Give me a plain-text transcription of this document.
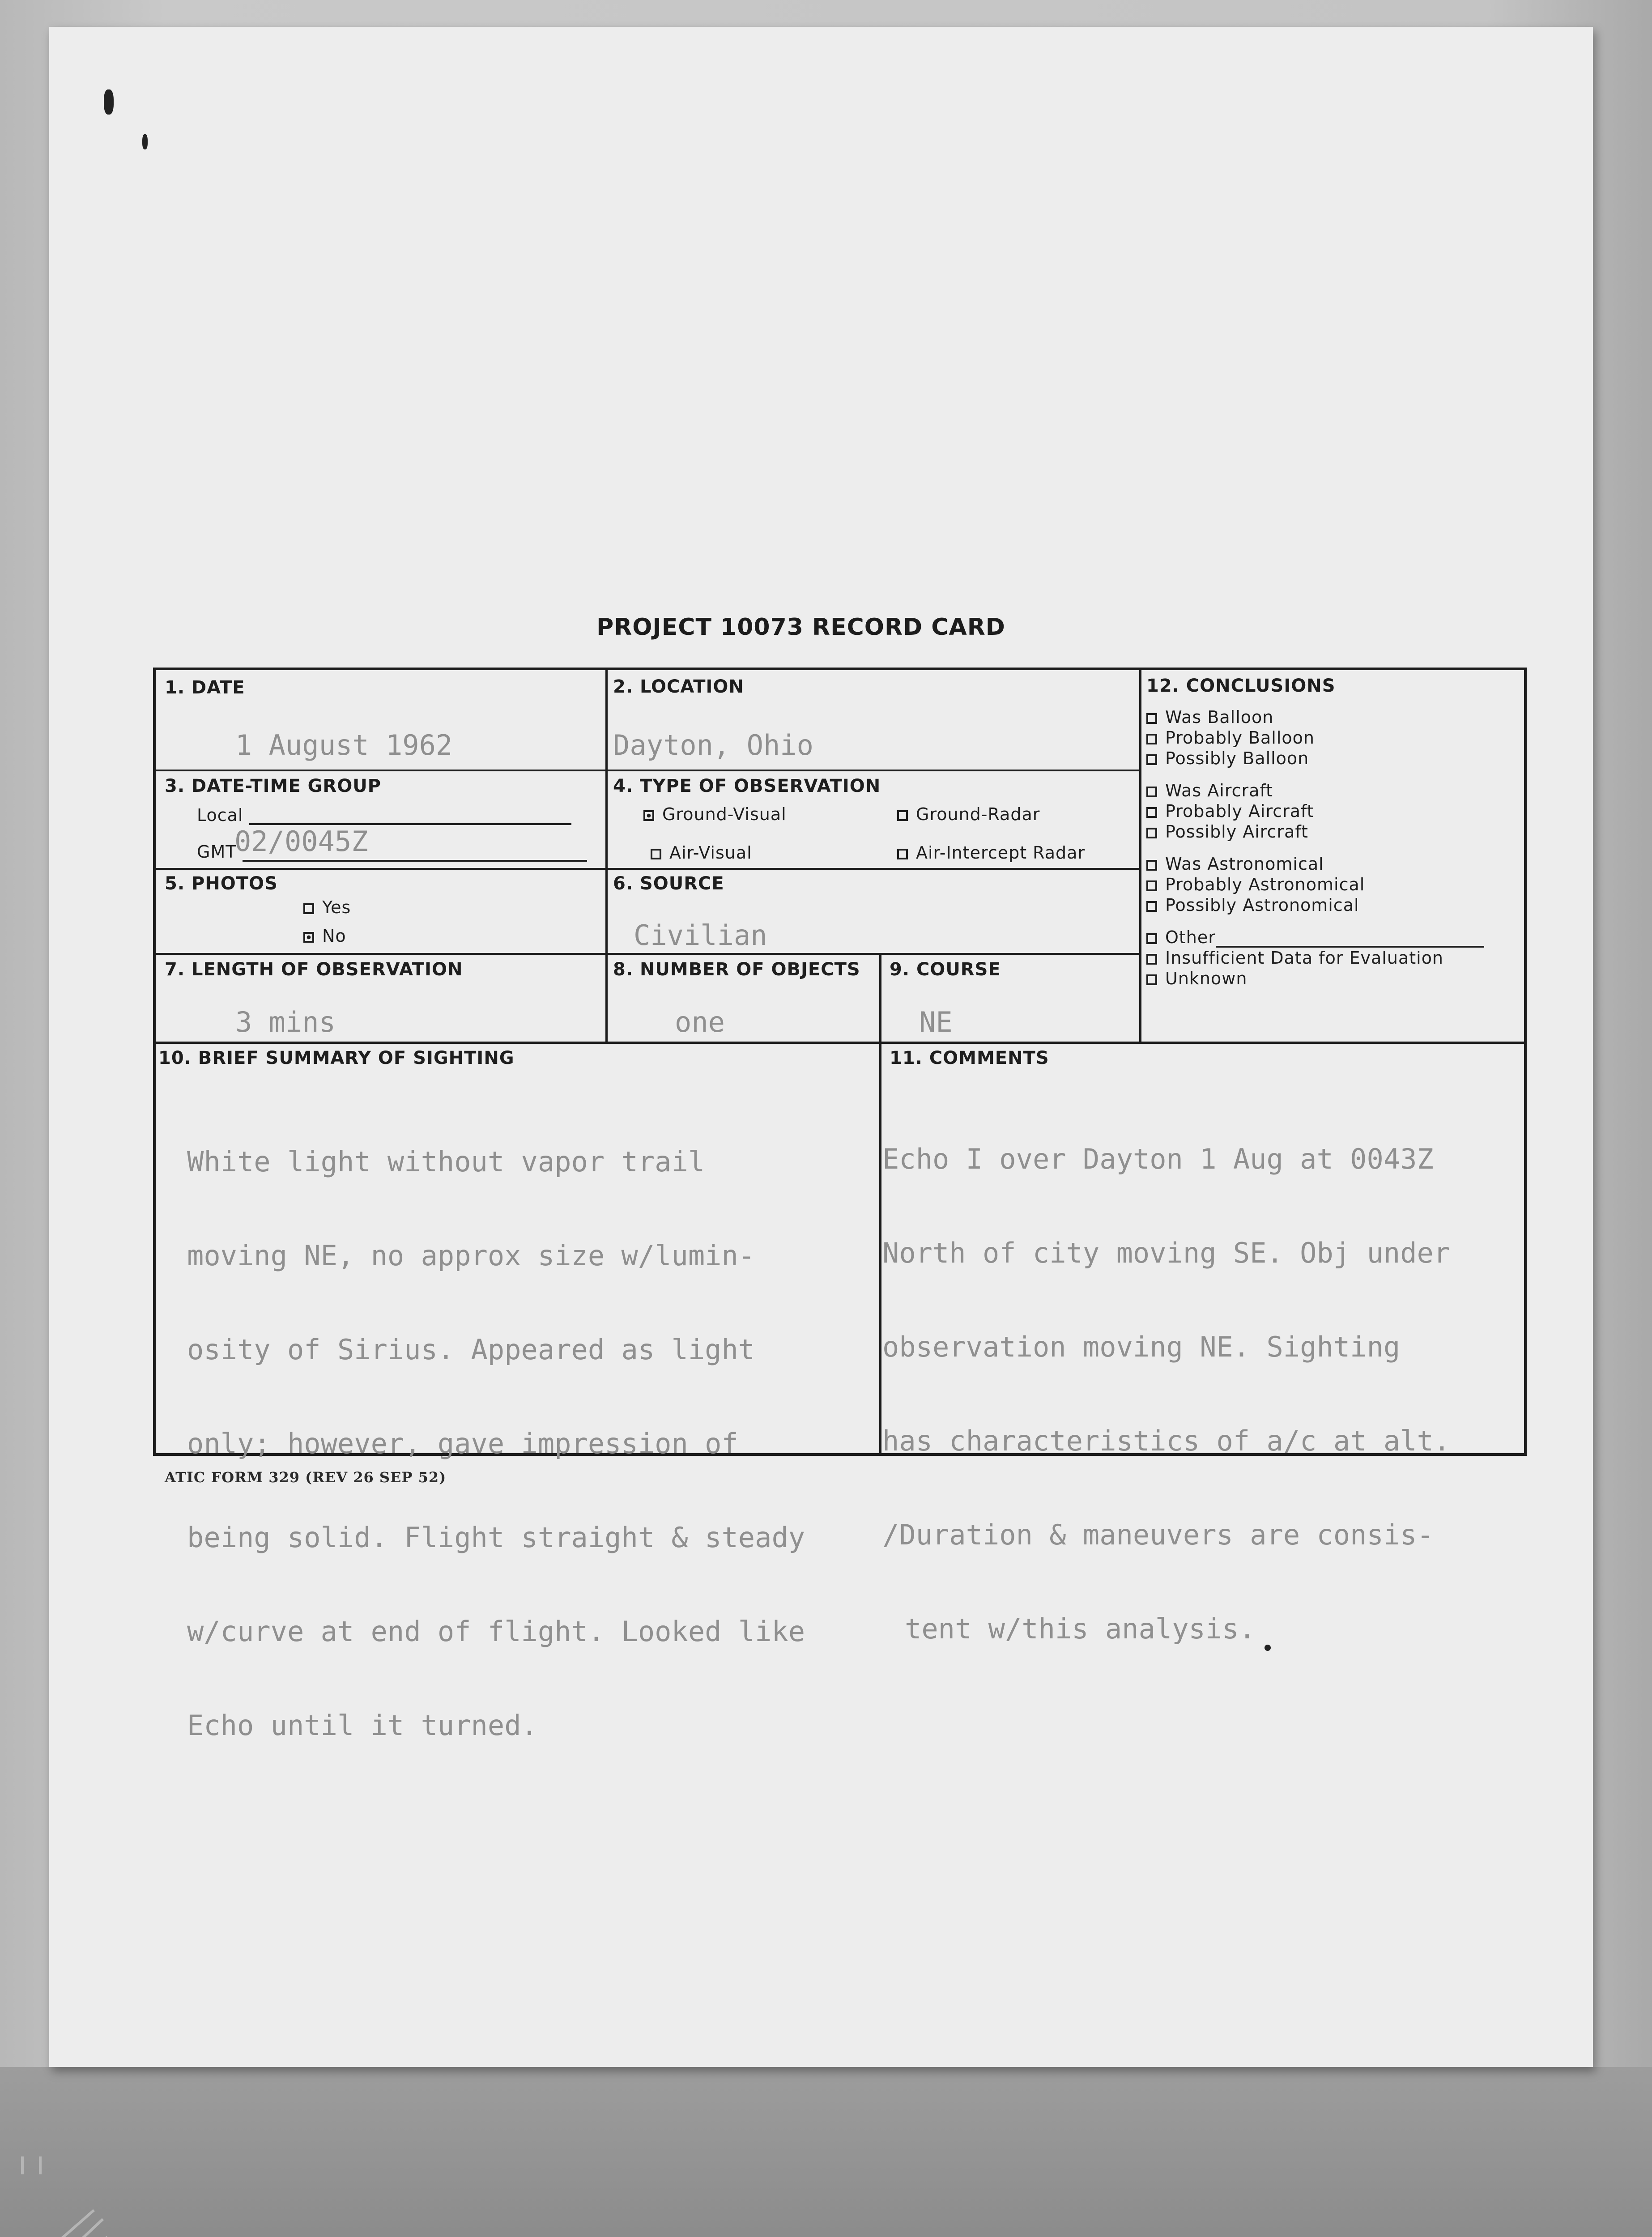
PROJECT 10073 RECORD CARD
1. DATE
1 August 1962
2. LOCATION
Dayton, Ohio
3. DATE-TIME GROUP
Local
GMT
02/0045Z
4. TYPE OF OBSERVATION
Ground-Visual	Ground-Radar
Air-Visual	Air-Intercept Radar
5. PHOTOS
Yes
No
6. SOURCE
Civilian
7. LENGTH OF OBSERVATION
3 mins
8. NUMBER OF OBJECTS
one
9. COURSE
NE
12. CONCLUSIONS
Was Balloon
Probably Balloon
Possibly Balloon
Was Aircraft
Probably Aircraft
Possibly Aircraft
Was Astronomical
Probably Astronomical
Possibly Astronomical
Other
Insufficient Data for Evaluation
Unknown
10. BRIEF SUMMARY OF SIGHTING

White light without vapor trail

moving NE, no approx size w/lumin-

osity of Sirius. Appeared as light

only; however, gave impression of

being solid. Flight straight & steady

w/curve at end of flight. Looked like

Echo until it turned.

11. COMMENTS

Echo I over Dayton 1 Aug at 0043Z

North of city moving SE. Obj under

observation moving NE. Sighting

has characteristics of a/c at alt.

/Duration & maneuvers are consis-

tent w/this analysis.

ATIC FORM 329 (REV 26 SEP 52)
